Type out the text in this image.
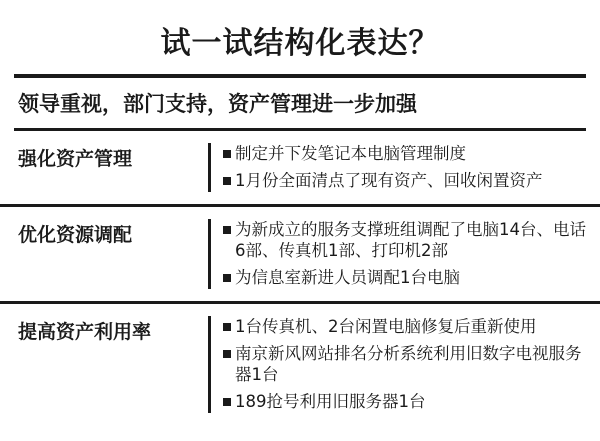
试一试结构化表达？
领导重视，部门支持，资产管理进一步加强
强化资产管理	制定并下发笔记本电脑管理制度
1月份全面清点了现有资产、回收闲置资产
优化资源调配	为新成立的服务支撑班组调配了电脑14台、电话6部、传真机1部、打印机2部
为信息室新进人员调配1台电脑
提高资产利用率	1台传真机、2台闲置电脑修复后重新使用
南京新风网站排名分析系统利用旧数字电视服务器1台
189抢号利用旧服务器1台
